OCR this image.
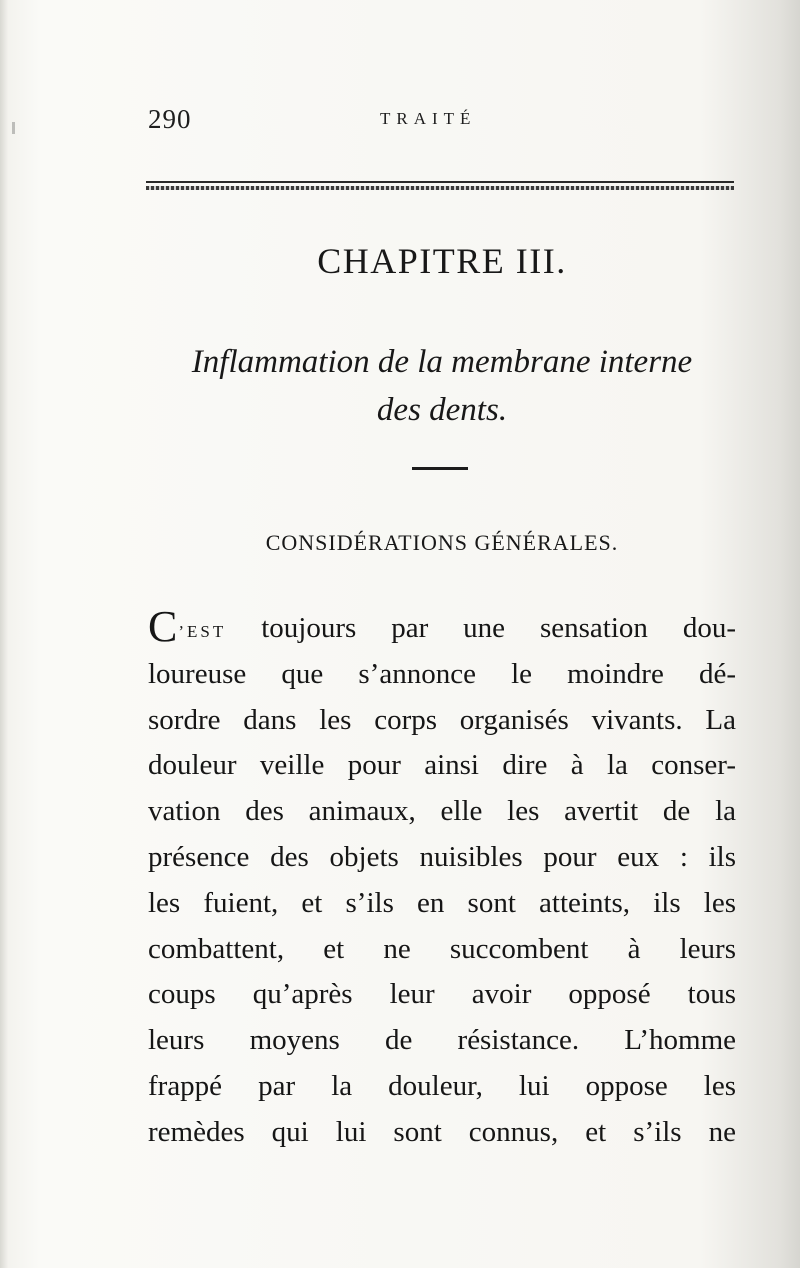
290	TRAITÉ
CHAPITRE III.
Inflammation de la membrane interne
des dents.
CONSIDÉRATIONS GÉNÉRALES.
C’EST toujours par une sensation dou-
loureuse que s’annonce le moindre dé-
sordre dans les corps organisés vivants. La
douleur veille pour ainsi dire à la conser-
vation des animaux, elle les avertit de la
présence des objets nuisibles pour eux : ils
les fuient, et s’ils en sont atteints, ils les
combattent, et ne succombent à leurs
coups qu’après leur avoir opposé tous
leurs moyens de résistance. L’homme
frappé par la douleur, lui oppose les
remèdes qui lui sont connus, et s’ils ne
